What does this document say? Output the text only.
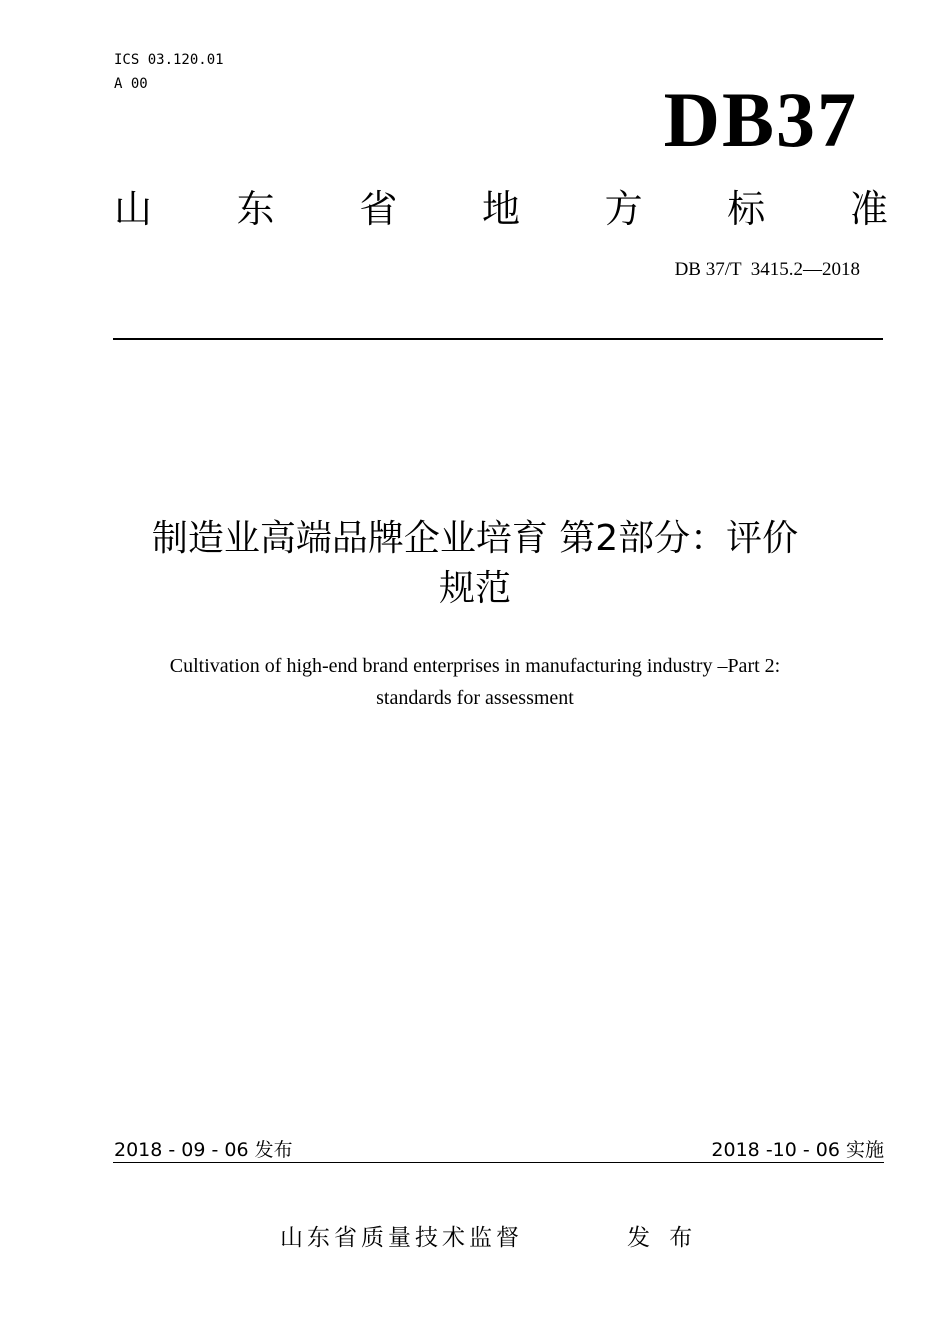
ICS 03.120.01
A 00	DB37
山 东 省 地 方 标 准
DB 37/T  3415.2—2018
制造业高端品牌企业培育 第2部分：评价
规范
Cultivation of high-end brand enterprises in manufacturing industry –Part 2:
standards for assessment
2018 - 09 - 06 发布	2018 -10 - 06 实施
山东省质量技术监督	发 布
